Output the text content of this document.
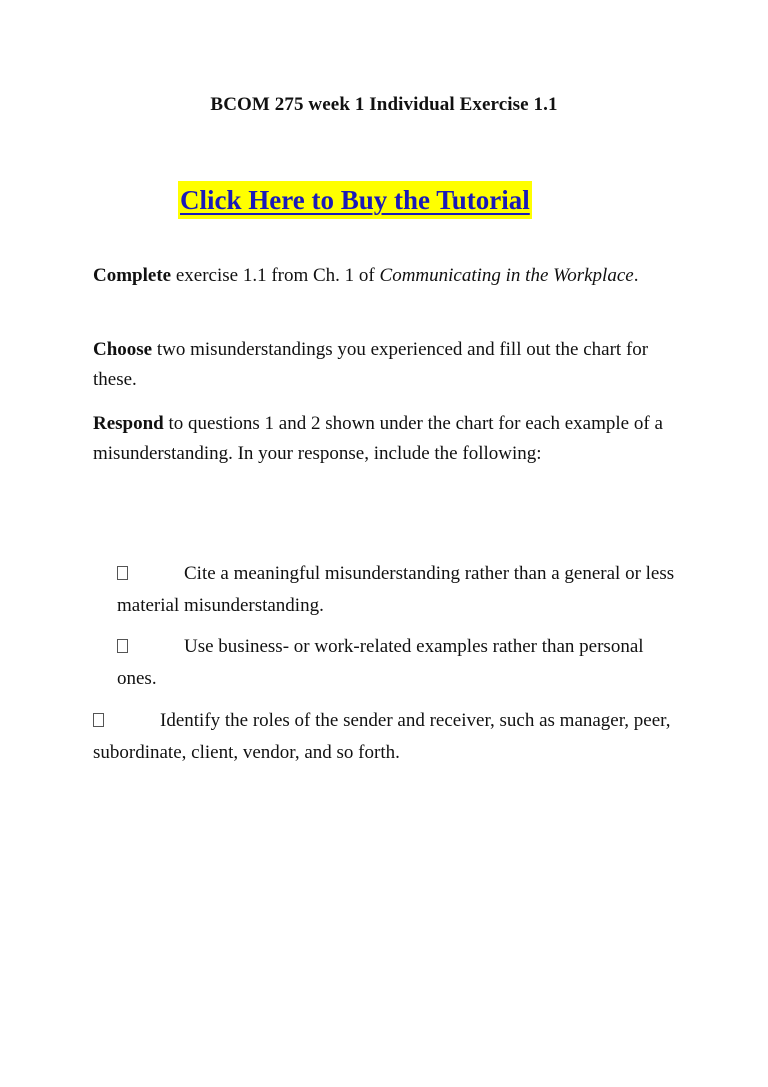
BCOM 275 week 1 Individual Exercise 1.1
Click Here to Buy the Tutorial

Complete exercise 1.1 from Ch. 1 of Communicating in the Workplace.

Choose two misunderstandings you experienced and fill out the chart for these.

Respond to questions 1 and 2 shown under the chart for each example of a misunderstanding. In your response, include the following:

Cite a meaningful misunderstanding rather than a general or less material misunderstanding.

Use business- or work-related examples rather than personal ones.

Identify the roles of the sender and receiver, such as manager, peer, subordinate, client, vendor, and so forth.
